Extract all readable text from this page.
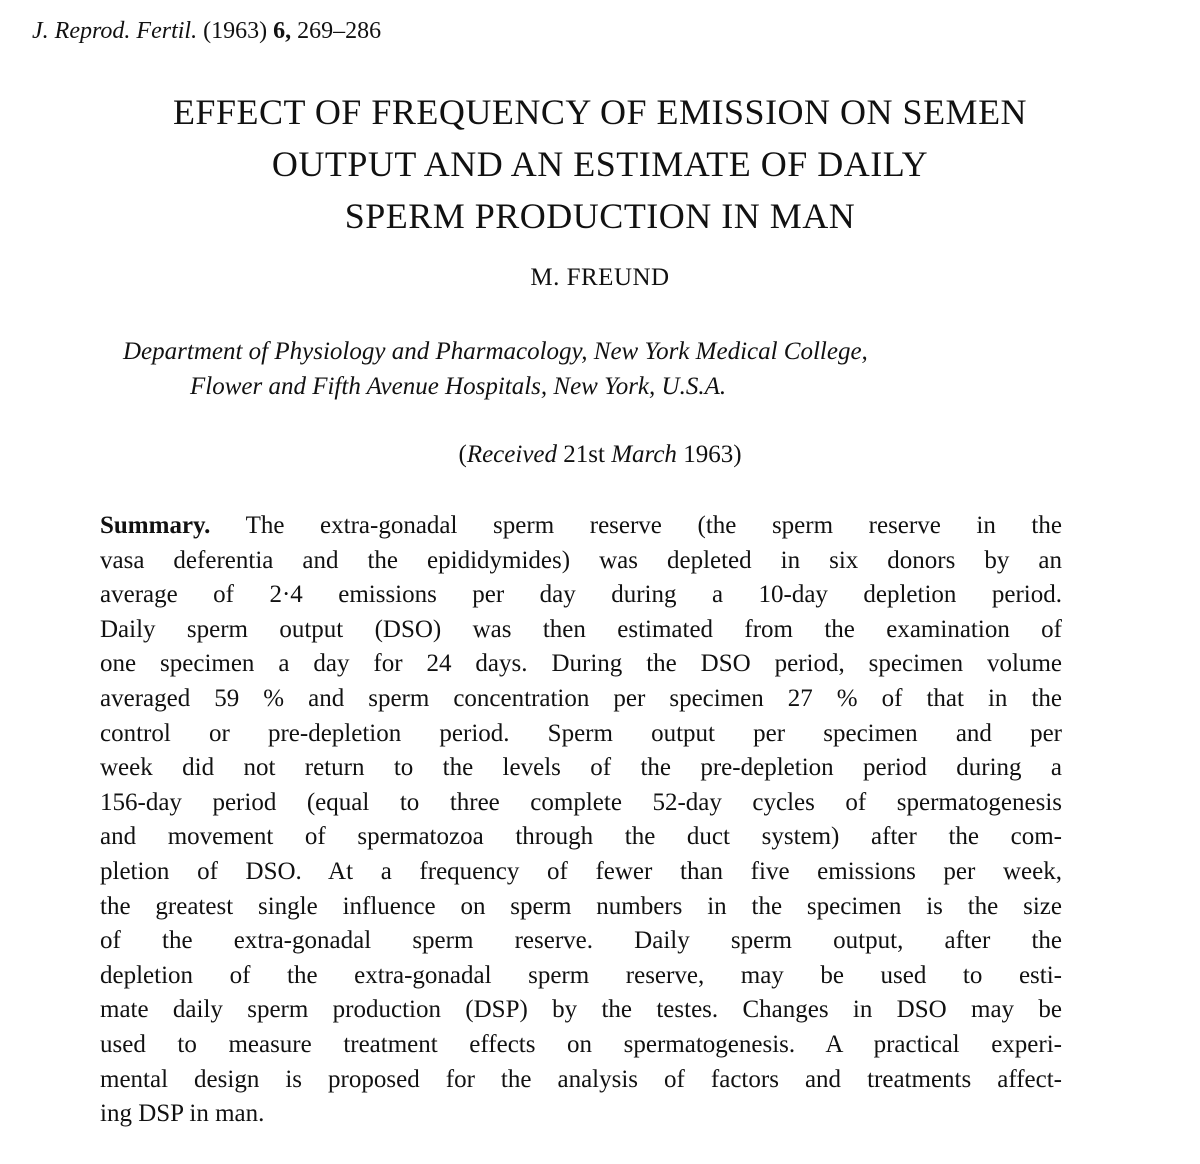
J. Reprod. Fertil. (1963) 6, 269–286
EFFECT OF FREQUENCY OF EMISSION ON SEMEN
OUTPUT AND AN ESTIMATE OF DAILY
SPERM PRODUCTION IN MAN
M. FREUND
Department of Physiology and Pharmacology, New York Medical College,
Flower and Fifth Avenue Hospitals, New York, U.S.A.
(Received 21st March 1963)
Summary. The extra-gonadal sperm reserve (the sperm reserve in the
vasa deferentia and the epididymides) was depleted in six donors by an
average of 2·4 emissions per day during a 10-day depletion period.
Daily sperm output (DSO) was then estimated from the examination of
one specimen a day for 24 days. During the DSO period, specimen volume
averaged 59 % and sperm concentration per specimen 27 % of that in the
control or pre-depletion period. Sperm output per specimen and per
week did not return to the levels of the pre-depletion period during a
156-day period (equal to three complete 52-day cycles of spermatogenesis
and movement of spermatozoa through the duct system) after the com-
pletion of DSO. At a frequency of fewer than five emissions per week,
the greatest single influence on sperm numbers in the specimen is the size
of the extra-gonadal sperm reserve. Daily sperm output, after the
depletion of the extra-gonadal sperm reserve, may be used to esti-
mate daily sperm production (DSP) by the testes. Changes in DSO may be
used to measure treatment effects on spermatogenesis. A practical experi-
mental design is proposed for the analysis of factors and treatments affect-
ing DSP in man.
